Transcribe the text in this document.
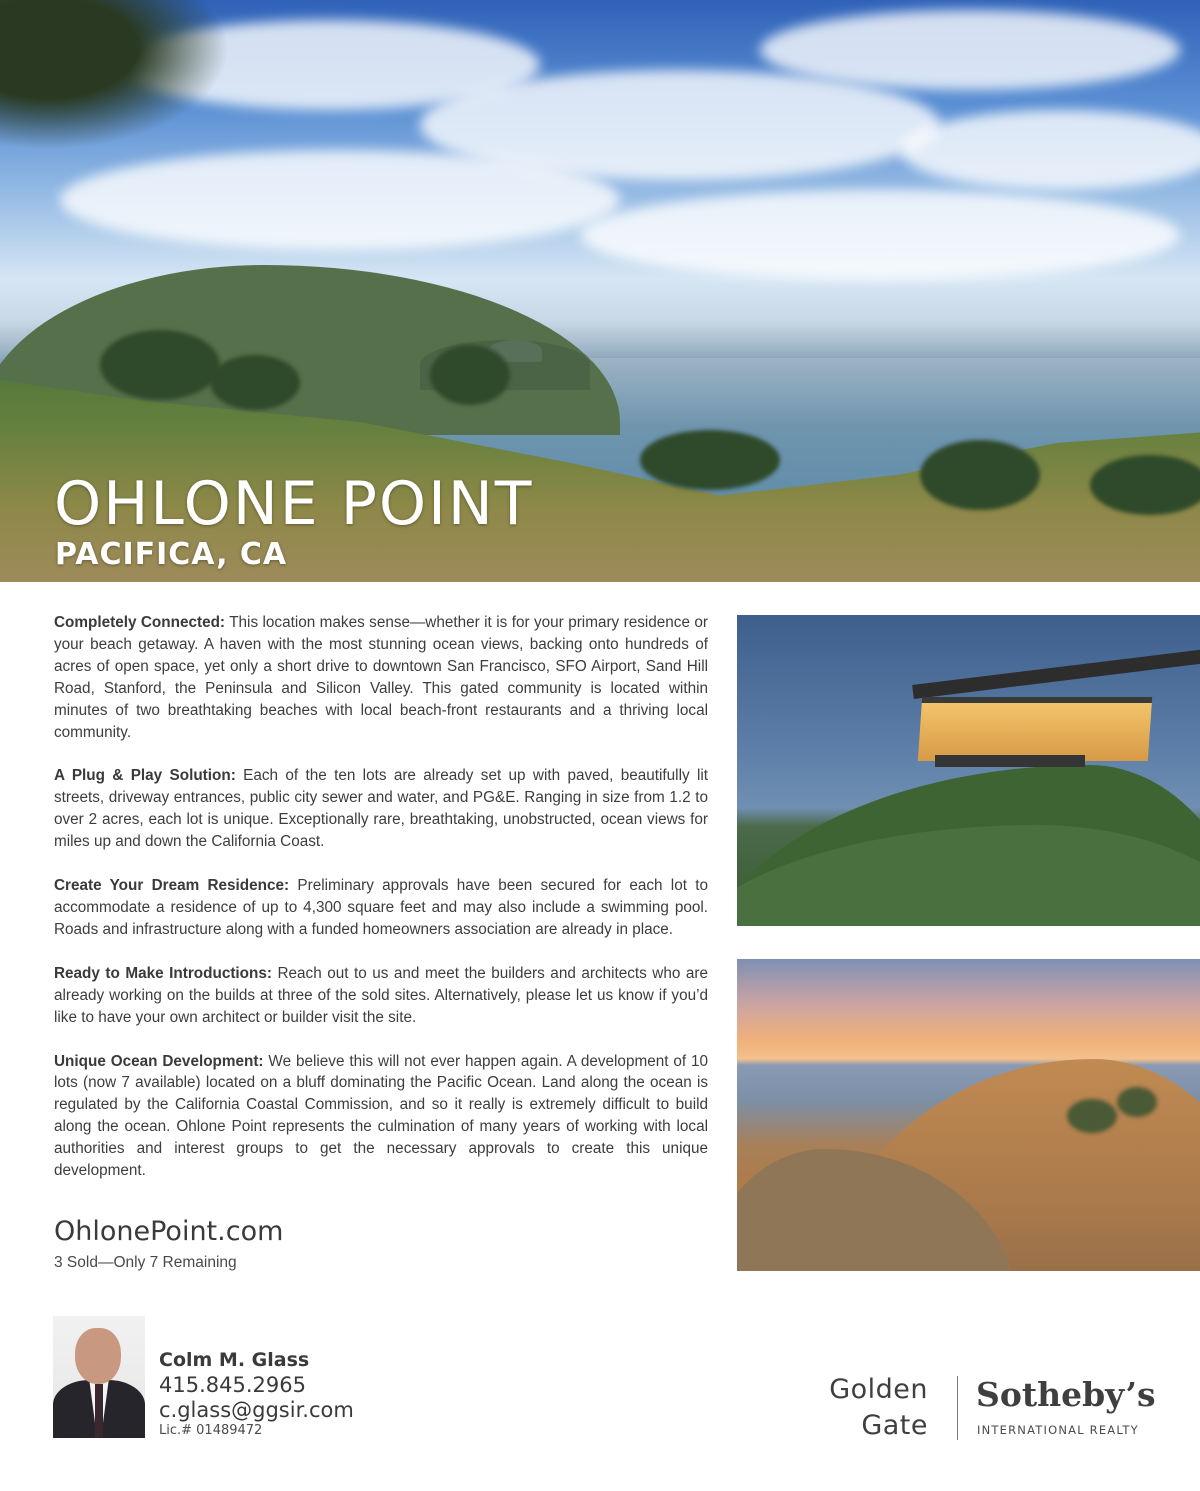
OHLONE POINT
PACIFICA, CA

Completely Connected: This location makes sense—whether it is for your primary residence or your beach getaway. A haven with the most stunning ocean views, backing onto hundreds of acres of open space, yet only a short drive to downtown San Francisco, SFO Airport, Sand Hill Road, Stanford, the Peninsula and Silicon Valley. This gated community is located within minutes of two breathtaking beaches with local beach-front restaurants and a thriving local community.

A Plug & Play Solution: Each of the ten lots are already set up with paved, beautifully lit streets, driveway entrances, public city sewer and water, and PG&E. Ranging in size from 1.2 to over 2 acres, each lot is unique. Exceptionally rare, breathtaking, unobstructed, ocean views for miles up and down the California Coast.

Create Your Dream Residence: Preliminary approvals have been secured for each lot to accommodate a residence of up to 4,300 square feet and may also include a swimming pool. Roads and infrastructure along with a funded homeowners association are already in place.

Ready to Make Introductions: Reach out to us and meet the builders and architects who are already working on the builds at three of the sold sites. Alternatively, please let us know if you’d like to have your own architect or builder visit the site.

Unique Ocean Development: We believe this will not ever happen again. A development of 10 lots (now 7 available) located on a bluff dominating the Pacific Ocean. Land along the ocean is regulated by the California Coastal Commission, and so it really is extremely difficult to build along the ocean. Ohlone Point represents the culmination of many years of working with local authorities and interest groups to get the necessary approvals to create this unique development.

OhlonePoint.com

3 Sold—Only 7 Remaining

Colm M. Glass

415.845.2965

c.glass@ggsir.com

Lic.# 01489472

Golden
Gate
Sotheby’s
INTERNATIONAL REALTY
